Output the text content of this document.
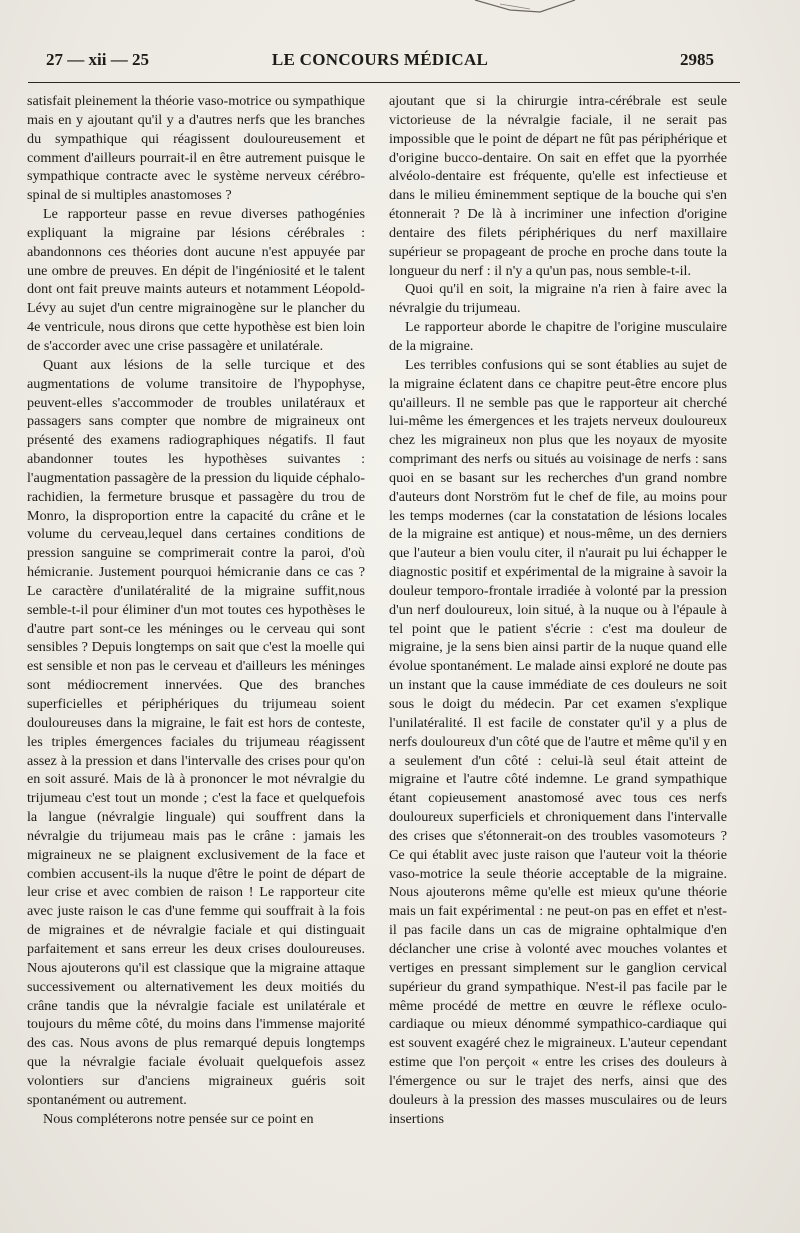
27 — xii — 25	LE CONCOURS MÉDICAL	2985

satisfait pleinement la théorie vaso-motrice ou sympathique mais en y ajoutant qu'il y a d'autres nerfs que les branches du sympathique qui réagissent douloureusement et comment d'ailleurs pourrait-il en être autrement puisque le sympathique contracte avec le système nerveux cérébro-spinal de si multiples anastomoses ?

Le rapporteur passe en revue diverses pathogénies expliquant la migraine par lésions cérébrales : abandonnons ces théories dont aucune n'est appuyée par une ombre de preuves. En dépit de l'ingéniosité et le talent dont ont fait preuve maints auteurs et notamment Léopold-Lévy au sujet d'un centre migrainogène sur le plancher du 4e ventricule, nous dirons que cette hypothèse est bien loin de s'accorder avec une crise passagère et unilatérale.

Quant aux lésions de la selle turcique et des augmentations de volume transitoire de l'hypophyse, peuvent-elles s'accommoder de troubles unilatéraux et passagers sans compter que nombre de migraineux ont présenté des examens radiographiques négatifs. Il faut abandonner toutes les hypothèses suivantes : l'augmentation passagère de la pression du liquide céphalo-rachidien, la fermeture brusque et passagère du trou de Monro, la disproportion entre la capacité du crâne et le volume du cerveau,lequel dans certaines conditions de pression sanguine se comprimerait contre la paroi, d'où hémicranie. Justement pourquoi hémicranie dans ce cas ? Le caractère d'unilatéralité de la migraine suffit,nous semble-t-il pour éliminer d'un mot toutes ces hypothèses le d'autre part sont-ce les méninges ou le cerveau qui sont sensibles ? Depuis longtemps on sait que c'est la moelle qui est sensible et non pas le cerveau et d'ailleurs les méninges sont médiocrement innervées. Que des branches superficielles et périphériques du trijumeau soient douloureuses dans la migraine, le fait est hors de conteste, les triples émergences faciales du trijumeau réagissent assez à la pression et dans l'intervalle des crises pour qu'on en soit assuré. Mais de là à prononcer le mot névralgie du trijumeau c'est tout un monde ; c'est la face et quelquefois la langue (névralgie linguale) qui souffrent dans la névralgie du trijumeau mais pas le crâne : jamais les migraineux ne se plaignent exclusivement de la face et combien accusent-ils la nuque d'être le point de départ de leur crise et avec combien de raison ! Le rapporteur cite avec juste raison le cas d'une femme qui souffrait à la fois de migraines et de névralgie faciale et qui distinguait parfaitement et sans erreur les deux crises douloureuses. Nous ajouterons qu'il est classique que la migraine attaque successivement ou alternativement les deux moitiés du crâne tandis que la névralgie faciale est unilatérale et toujours du même côté, du moins dans l'immense majorité des cas. Nous avons de plus remarqué depuis longtemps que la névralgie faciale évoluait quelquefois assez volontiers sur d'anciens migraineux guéris soit spontanément ou autrement.

Nous compléterons notre pensée sur ce point en

ajoutant que si la chirurgie intra-cérébrale est seule victorieuse de la névralgie faciale, il ne serait pas impossible que le point de départ ne fût pas périphérique et d'origine bucco-dentaire. On sait en effet que la pyorrhée alvéolo-dentaire est fréquente, qu'elle est infectieuse et dans le milieu éminemment septique de la bouche qui s'en étonnerait ? De là à incriminer une infection d'origine dentaire des filets périphériques du nerf maxillaire supérieur se propageant de proche en proche dans toute la longueur du nerf : il n'y a qu'un pas, nous semble-t-il.

Quoi qu'il en soit, la migraine n'a rien à faire avec la névralgie du trijumeau.

Le rapporteur aborde le chapitre de l'origine musculaire de la migraine.

Les terribles confusions qui se sont établies au sujet de la migraine éclatent dans ce chapitre peut-être encore plus qu'ailleurs. Il ne semble pas que le rapporteur ait cherché lui-même les émergences et les trajets nerveux douloureux chez les migraineux non plus que les noyaux de myosite comprimant des nerfs ou situés au voisinage de nerfs : sans quoi en se basant sur les recherches d'un grand nombre d'auteurs dont Norström fut le chef de file, au moins pour les temps modernes (car la constatation de lésions locales de la migraine est antique) et nous-même, un des derniers que l'auteur a bien voulu citer, il n'aurait pu lui échapper le diagnostic positif et expérimental de la migraine à savoir la douleur temporo-frontale irradiée à volonté par la pression d'un nerf douloureux, loin situé, à la nuque ou à l'épaule à tel point que le patient s'écrie : c'est ma douleur de migraine, je la sens bien ainsi partir de la nuque quand elle évolue spontanément. Le malade ainsi exploré ne doute pas un instant que la cause immédiate de ces douleurs ne soit sous le doigt du médecin. Par cet examen s'explique l'unilatéralité. Il est facile de constater qu'il y a plus de nerfs douloureux d'un côté que de l'autre et même qu'il y en a seulement d'un côté : celui-là seul était atteint de migraine et l'autre côté indemne. Le grand sympathique étant copieusement anastomosé avec tous ces nerfs douloureux superficiels et chroniquement dans l'intervalle des crises que s'étonnerait-on des troubles vasomoteurs ? Ce qui établit avec juste raison que l'auteur voit la théorie vaso-motrice la seule théorie acceptable de la migraine. Nous ajouterons même qu'elle est mieux qu'une théorie mais un fait expérimental : ne peut-on pas en effet et n'est-il pas facile dans un cas de migraine ophtalmique d'en déclancher une crise à volonté avec mouches volantes et vertiges en pressant simplement sur le ganglion cervical supérieur du grand sympathique. N'est-il pas facile par le même procédé de mettre en œuvre le réflexe oculo-cardiaque ou mieux dénommé sympathico-cardiaque qui est souvent exagéré chez le migraineux. L'auteur cependant estime que l'on perçoit « entre les crises des douleurs à l'émergence ou sur le trajet des nerfs, ainsi que des douleurs à la pression des masses musculaires ou de leurs insertions
